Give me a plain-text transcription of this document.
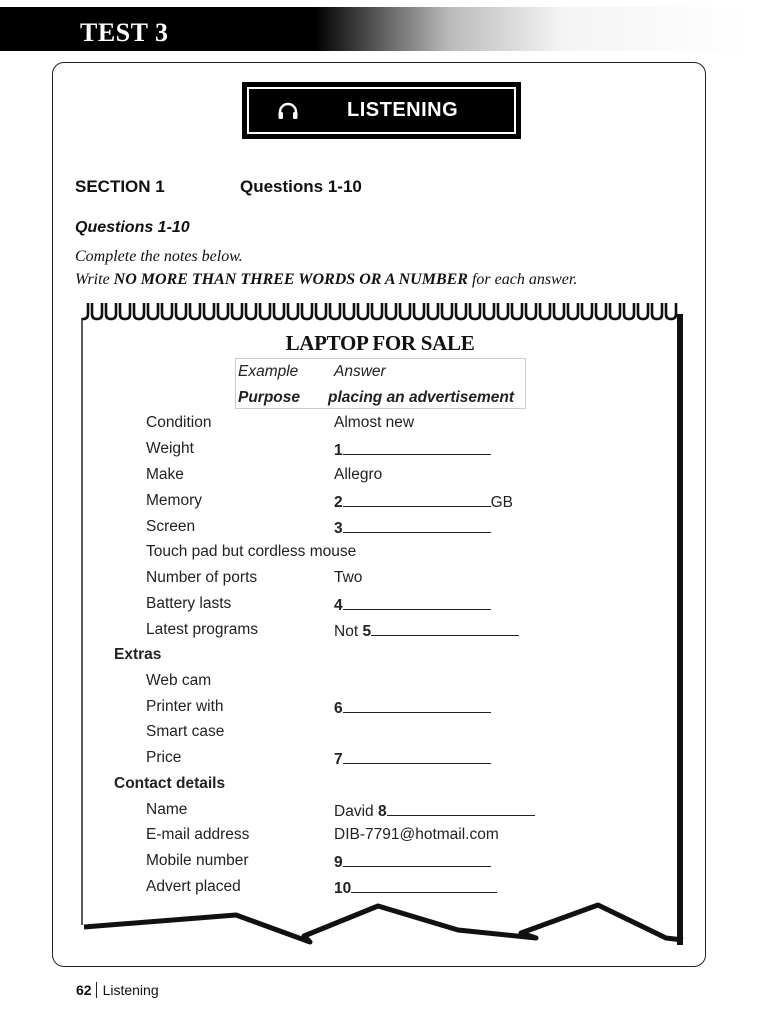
TEST 3
LISTENING
SECTION 1	Questions 1-10
Questions 1-10
Complete the notes below.
Write NO MORE THAN THREE WORDS OR A NUMBER for each answer.
LAPTOP FOR SALE
Example Answer
Purpose placing an advertisement
Condition	Almost new
Weight	1
Make	Allegro
Memory	2	GB
Screen	3
Touch pad but cordless mouse
Number of ports	Two
Battery lasts	4
Latest programs	Not 5
Extras
Web cam
Printer with	6
Smart case
Price	7
Contact details
Name	David 8
E-mail address	DIB-7791@hotmail.com
Mobile number	9
Advert placed	10
62 Listening
